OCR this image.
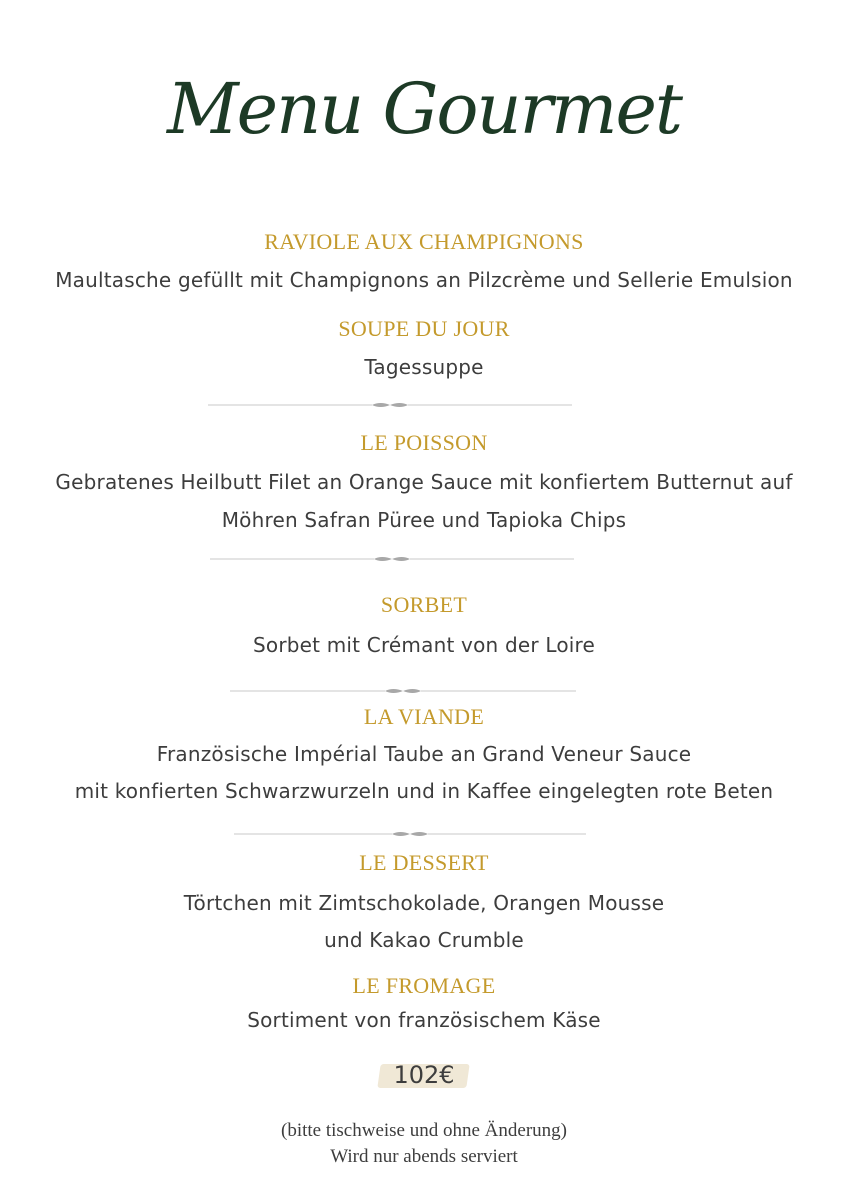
Menu Gourmet
RAVIOLE AUX CHAMPIGNONS
Maultasche gefüllt mit Champignons an Pilzcrème und Sellerie Emulsion
SOUPE DU JOUR
Tagessuppe
LE POISSON
Gebratenes Heilbutt Filet an Orange Sauce mit konfiertem Butternut auf
Möhren Safran Püree und Tapioka Chips
SORBET
Sorbet mit Crémant von der Loire
LA VIANDE
Französische Impérial Taube an Grand Veneur Sauce
mit konfierten Schwarzwurzeln und in Kaffee eingelegten rote Beten
LE DESSERT
Törtchen mit Zimtschokolade, Orangen Mousse
und Kakao Crumble
LE FROMAGE
Sortiment von französischem Käse
102€
(bitte tischweise und ohne Änderung)
Wird nur abends serviert
